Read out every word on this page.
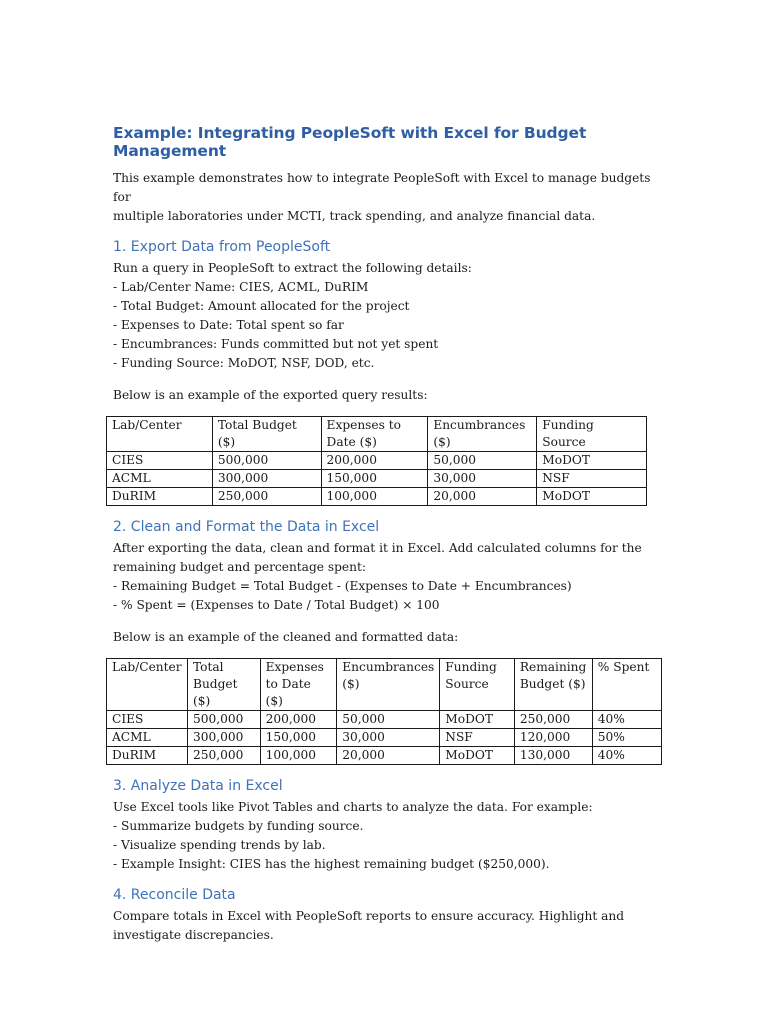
Example: Integrating PeopleSoft with Excel for Budget Management

This example demonstrates how to integrate PeopleSoft with Excel to manage budgets for

multiple laboratories under MCTI, track spending, and analyze financial data.

1. Export Data from PeopleSoft

Run a query in PeopleSoft to extract the following details:

- Lab/Center Name: CIES, ACML, DuRIM

- Total Budget: Amount allocated for the project

- Expenses to Date: Total spent so far

- Encumbrances: Funds committed but not yet spent

- Funding Source: MoDOT, NSF, DOD, etc.

Below is an example of the exported query results:

Lab/Center	Total Budget ($)	Expenses to Date ($)	Encumbrances ($)	Funding Source
CIES	500,000	200,000	50,000	MoDOT
ACML	300,000	150,000	30,000	NSF
DuRIM	250,000	100,000	20,000	MoDOT
2. Clean and Format the Data in Excel

After exporting the data, clean and format it in Excel. Add calculated columns for the

remaining budget and percentage spent:

- Remaining Budget = Total Budget - (Expenses to Date + Encumbrances)

- % Spent = (Expenses to Date / Total Budget) × 100

Below is an example of the cleaned and formatted data:

Lab/Center	Total Budget ($)	Expenses to Date ($)	Encumbrances ($)	Funding Source	Remaining Budget ($)	% Spent
CIES	500,000	200,000	50,000	MoDOT	250,000	40%
ACML	300,000	150,000	30,000	NSF	120,000	50%
DuRIM	250,000	100,000	20,000	MoDOT	130,000	40%
3. Analyze Data in Excel

Use Excel tools like Pivot Tables and charts to analyze the data. For example:

- Summarize budgets by funding source.

- Visualize spending trends by lab.

- Example Insight: CIES has the highest remaining budget ($250,000).

4. Reconcile Data

Compare totals in Excel with PeopleSoft reports to ensure accuracy. Highlight and

investigate discrepancies.
